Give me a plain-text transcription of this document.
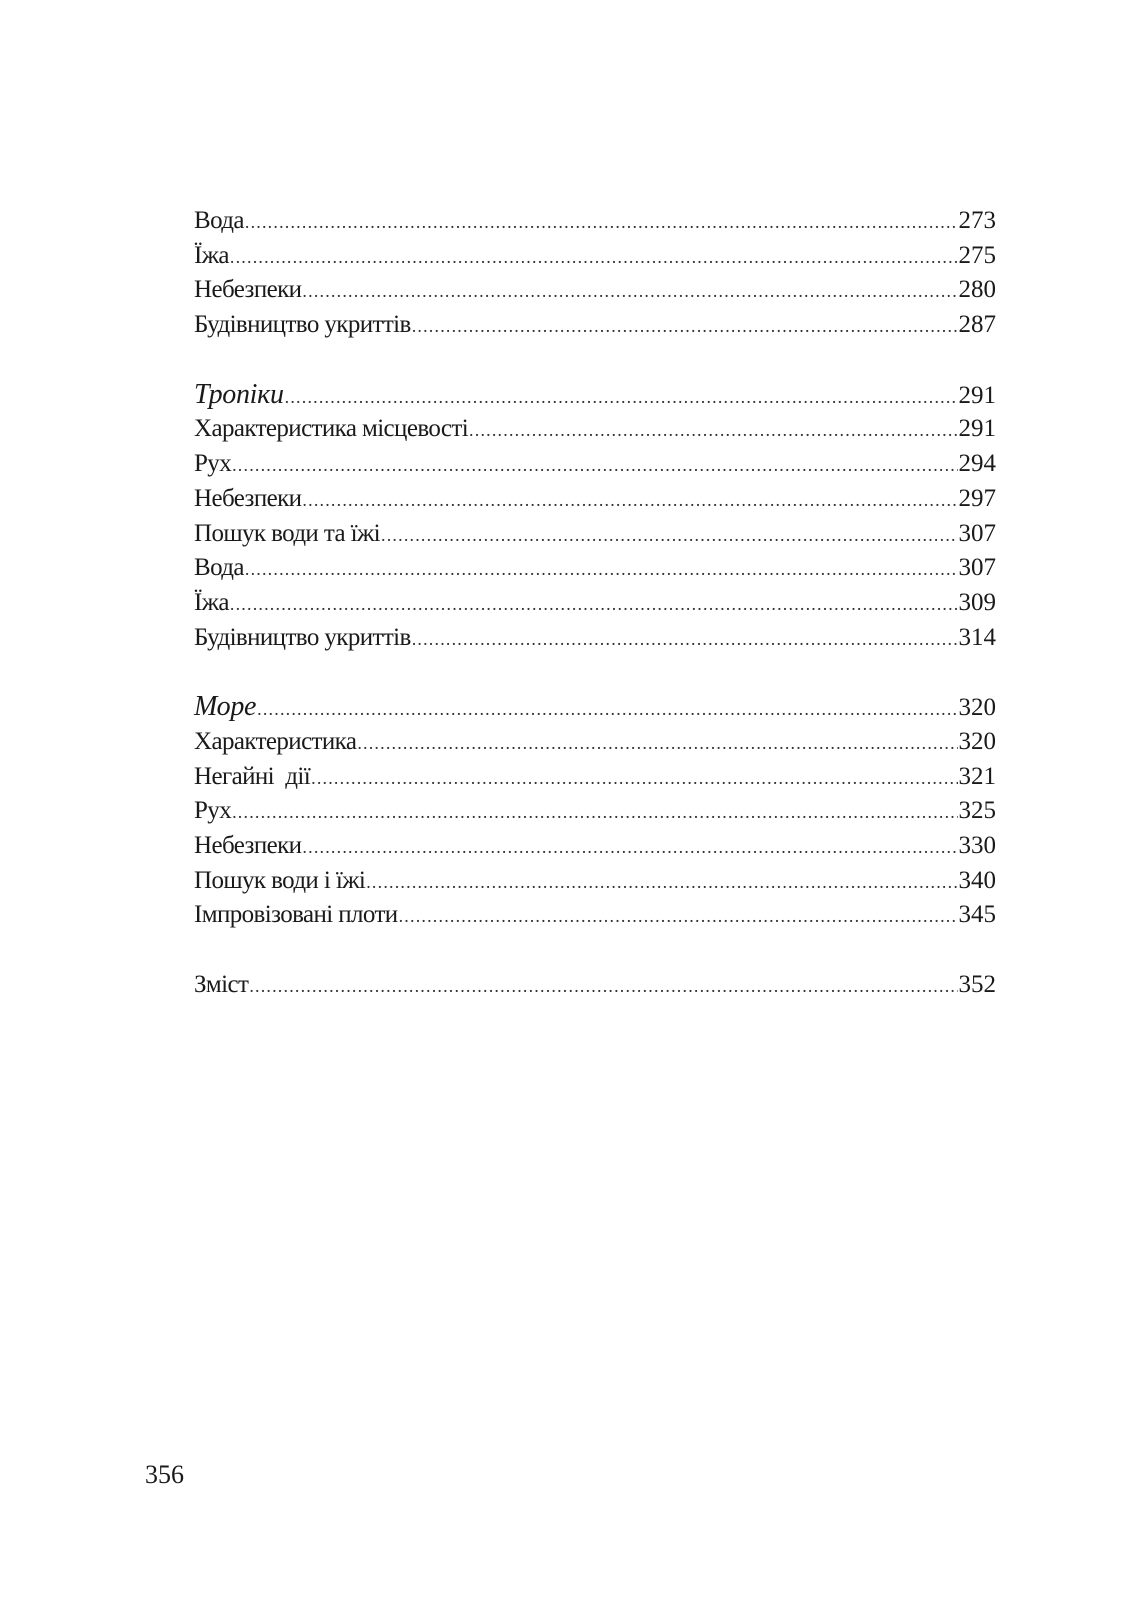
Вода .....	273
Їжа .....	275
Небезпеки .....	280
Будівництво укриттів .....	287
Тропіки .....	291
Характеристика місцевості .....	291
Рух .....	294
Небезпеки .....	297
Пошук води та їжі .....	307
Вода .....	307
Їжа .....	309
Будівництво укриттів .....	314
Море .....	320
Характеристика .....	320
Негайні  дії .....	321
Рух .....	325
Небезпеки .....	330
Пошук води і їжі .....	340
Імпровізовані плоти .....	345
Зміст .....	352
356
